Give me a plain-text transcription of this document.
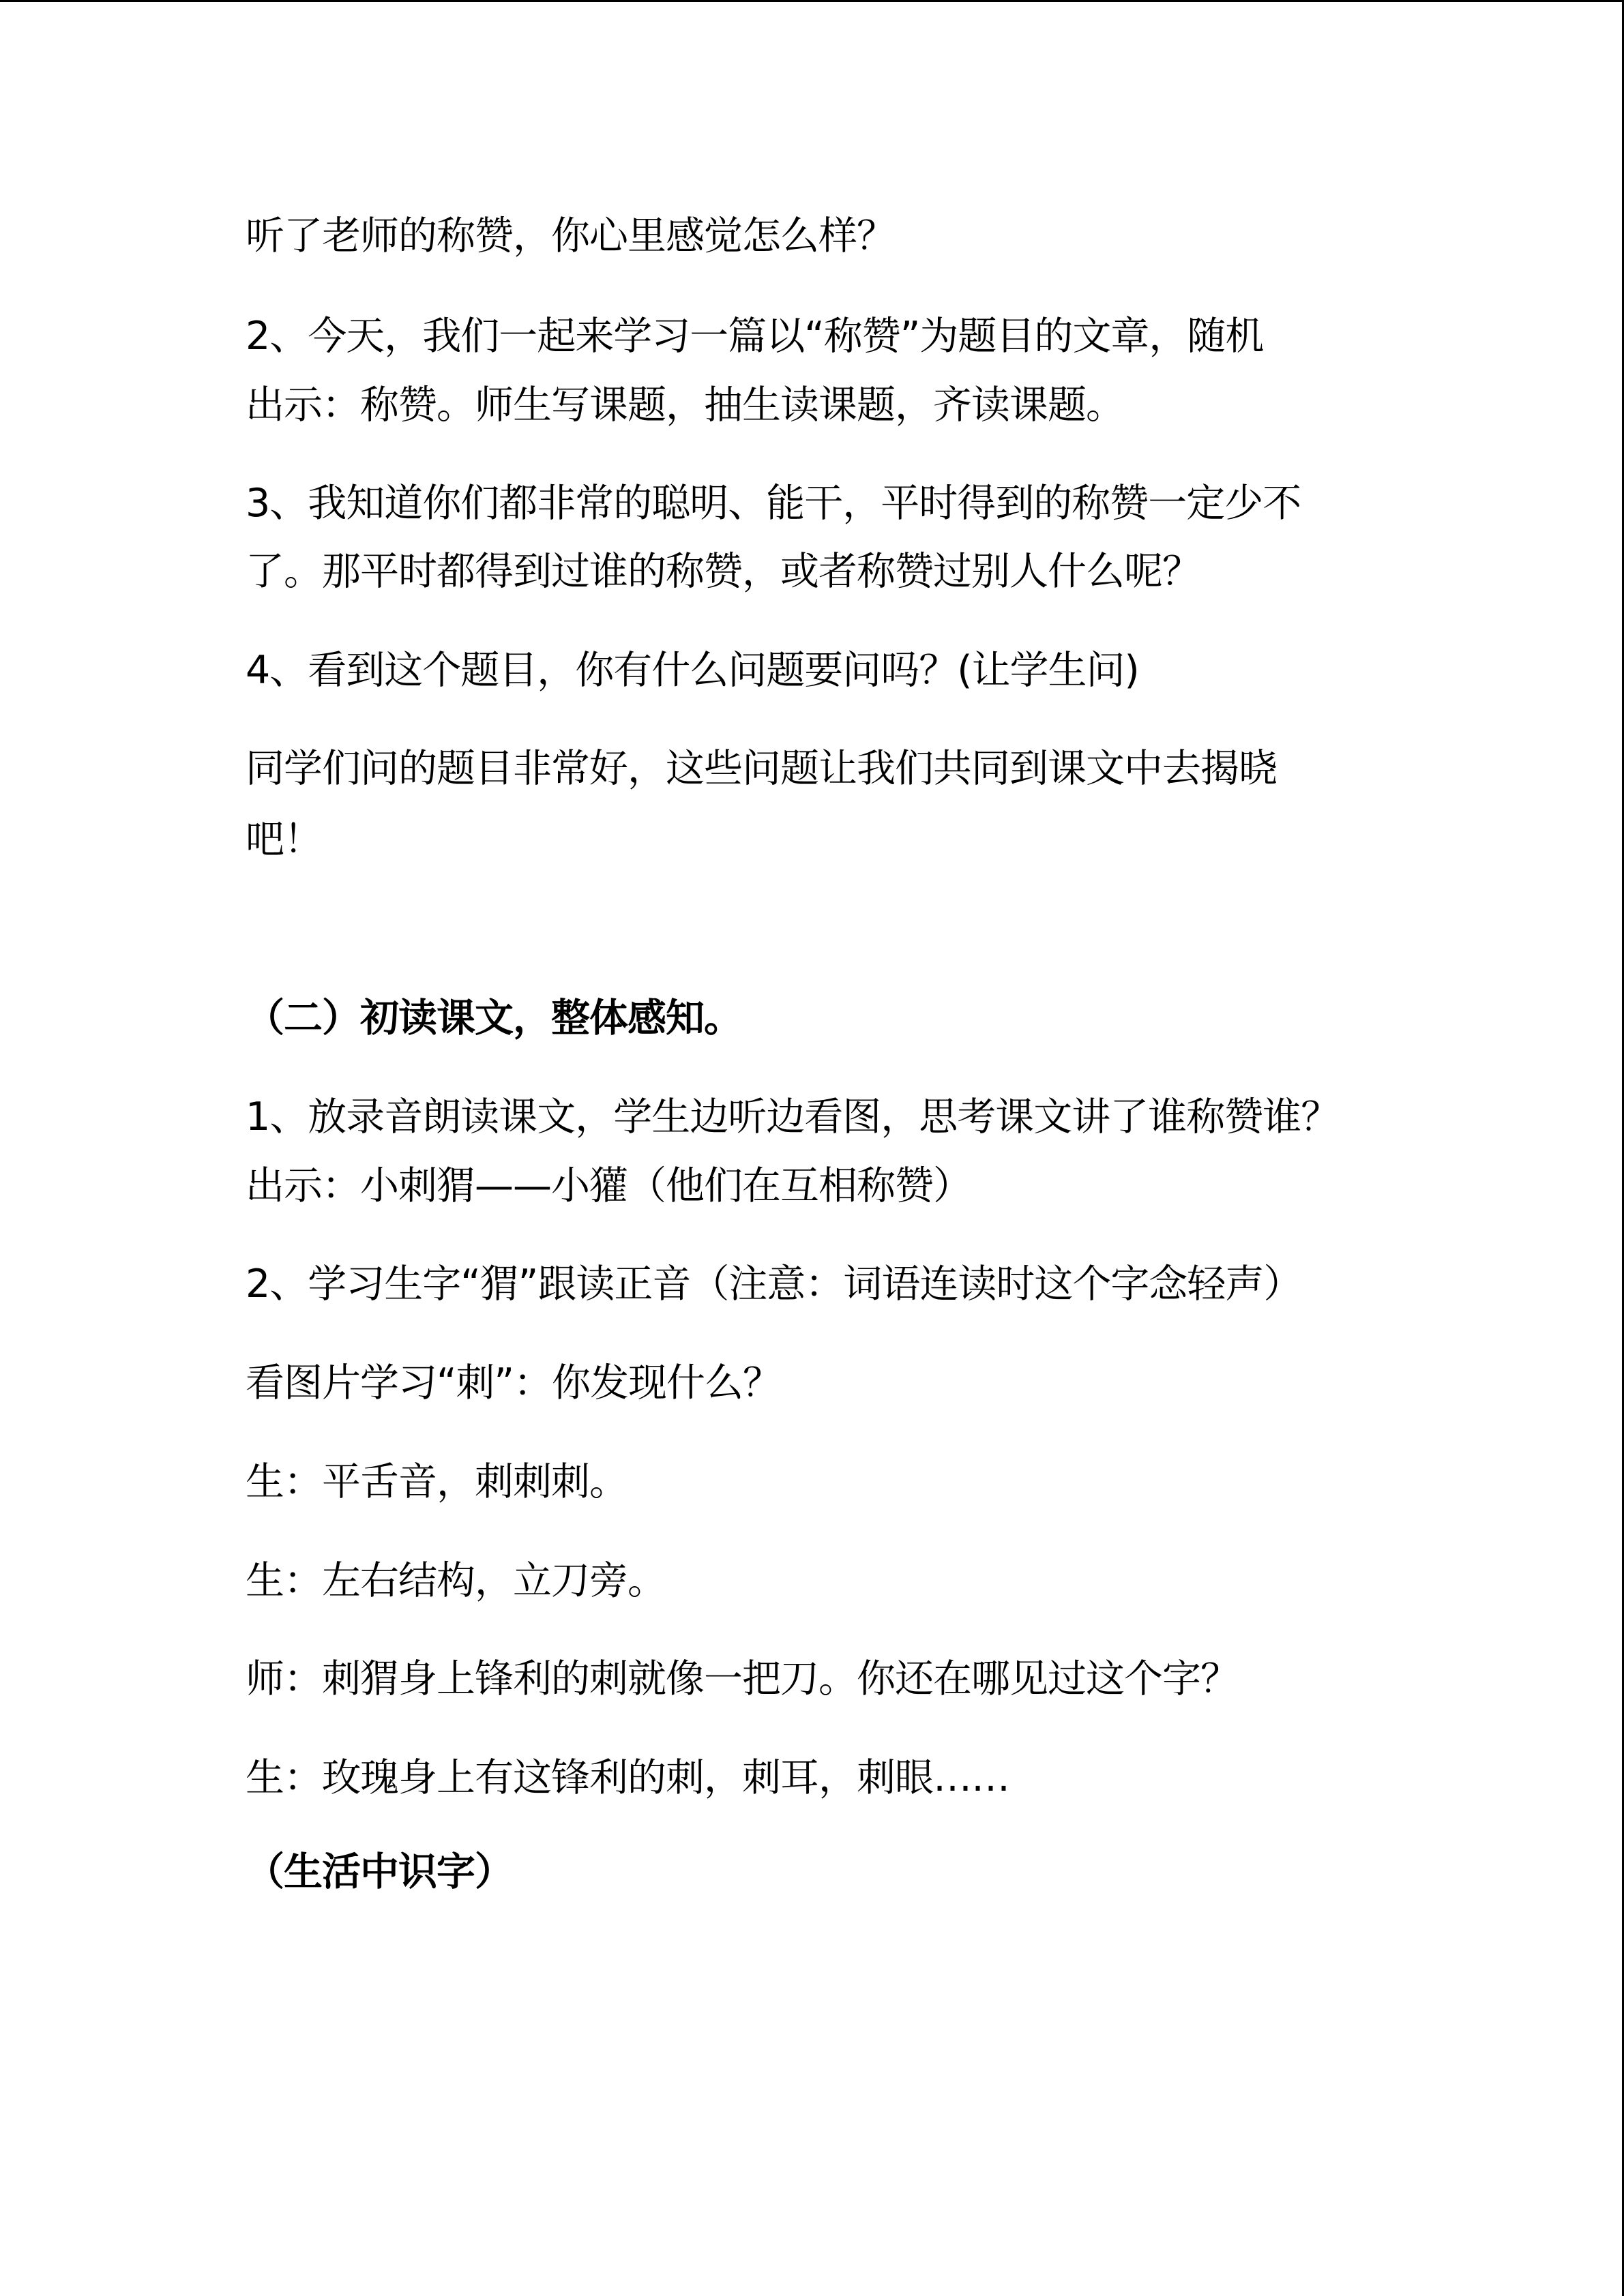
听了老师的称赞，你心里感觉怎么样？
2、今天，我们一起来学习一篇以“称赞”为题目的文章，随机
出示：称赞。师生写课题，抽生读课题，齐读课题。
3、我知道你们都非常的聪明、能干，平时得到的称赞一定少不
了。那平时都得到过谁的称赞，或者称赞过别人什么呢？
4、看到这个题目，你有什么问题要问吗？(让学生问)
同学们问的题目非常好，这些问题让我们共同到课文中去揭晓
吧！
（二）初读课文，整体感知。
1、放录音朗读课文，学生边听边看图，思考课文讲了谁称赞谁？
出示：小刺猬——小獾（他们在互相称赞）
2、学习生字“猬”跟读正音（注意：词语连读时这个字念轻声）
看图片学习“刺”：你发现什么？
生：平舌音，刺刺刺。
生：左右结构，立刀旁。
师：刺猬身上锋利的刺就像一把刀。你还在哪见过这个字？
生：玫瑰身上有这锋利的刺，刺耳，刺眼……
（生活中识字）
